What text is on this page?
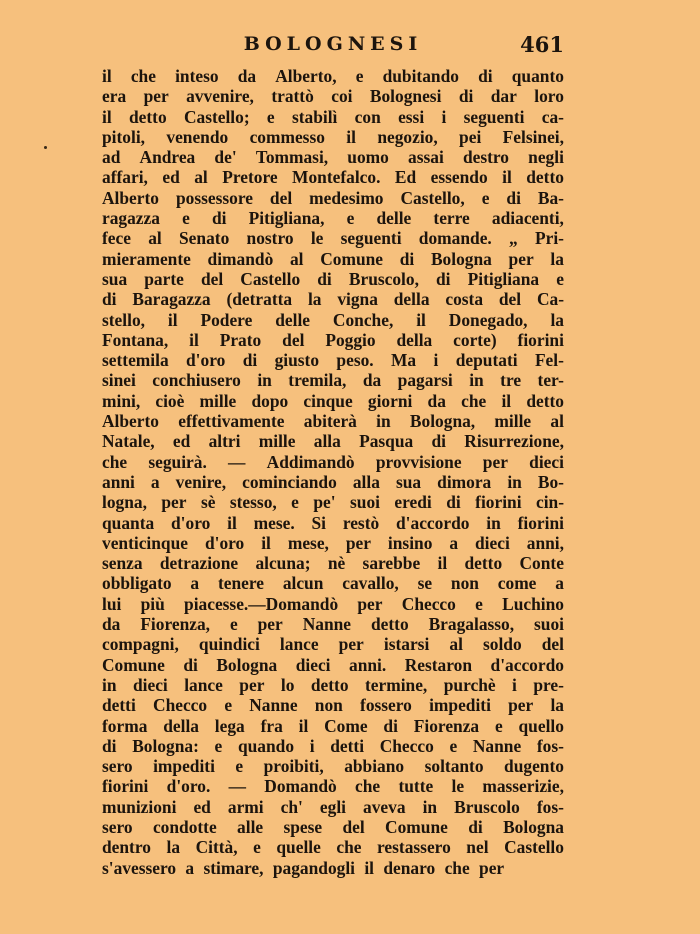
BOLOGNESI	461
il che inteso da Alberto, e dubitando di quanto
era per avvenire, trattò coi Bolognesi di dar loro
il detto Castello; e stabilì con essi i seguenti ca-
pitoli, venendo commesso il negozio, pei Felsinei,
ad Andrea de' Tommasi, uomo assai destro negli
affari, ed al Pretore Montefalco. Ed essendo il detto
Alberto possessore del medesimo Castello, e di Ba-
ragazza e di Pitigliana, e delle terre adiacenti,
fece al Senato nostro le seguenti domande. „ Pri-
mieramente dimandò al Comune di Bologna per la
sua parte del Castello di Bruscolo, di Pitigliana e
di Baragazza (detratta la vigna della costa del Ca-
stello, il Podere delle Conche, il Donegado, la
Fontana, il Prato del Poggio della corte) fiorini
settemila d'oro di giusto peso. Ma i deputati Fel-
sinei conchiusero in tremila, da pagarsi in tre ter-
mini, cioè mille dopo cinque giorni da che il detto
Alberto effettivamente abiterà in Bologna, mille al
Natale, ed altri mille alla Pasqua di Risurrezione,
che seguirà. — Addimandò provvisione per dieci
anni a venire, cominciando alla sua dimora in Bo-
logna, per sè stesso, e pe' suoi eredi di fiorini cin-
quanta d'oro il mese. Si restò d'accordo in fiorini
venticinque d'oro il mese, per insino a dieci anni,
senza detrazione alcuna; nè sarebbe il detto Conte
obbligato a tenere alcun cavallo, se non come a
lui più piacesse.—Domandò per Checco e Luchino
da Fiorenza, e per Nanne detto Bragalasso, suoi
compagni, quindici lance per istarsi al soldo del
Comune di Bologna dieci anni. Restaron d'accordo
in dieci lance per lo detto termine, purchè i pre-
detti Checco e Nanne non fossero impediti per la
forma della lega fra il Come di Fiorenza e quello
di Bologna: e quando i detti Checco e Nanne fos-
sero impediti e proibiti, abbiano soltanto dugento
fiorini d'oro. — Domandò che tutte le masserizie,
munizioni ed armi ch' egli aveva in Bruscolo fos-
sero condotte alle spese del Comune di Bologna
dentro la Città, e quelle che restassero nel Castello
s'avessero a stimare, pagandogli il denaro che per
